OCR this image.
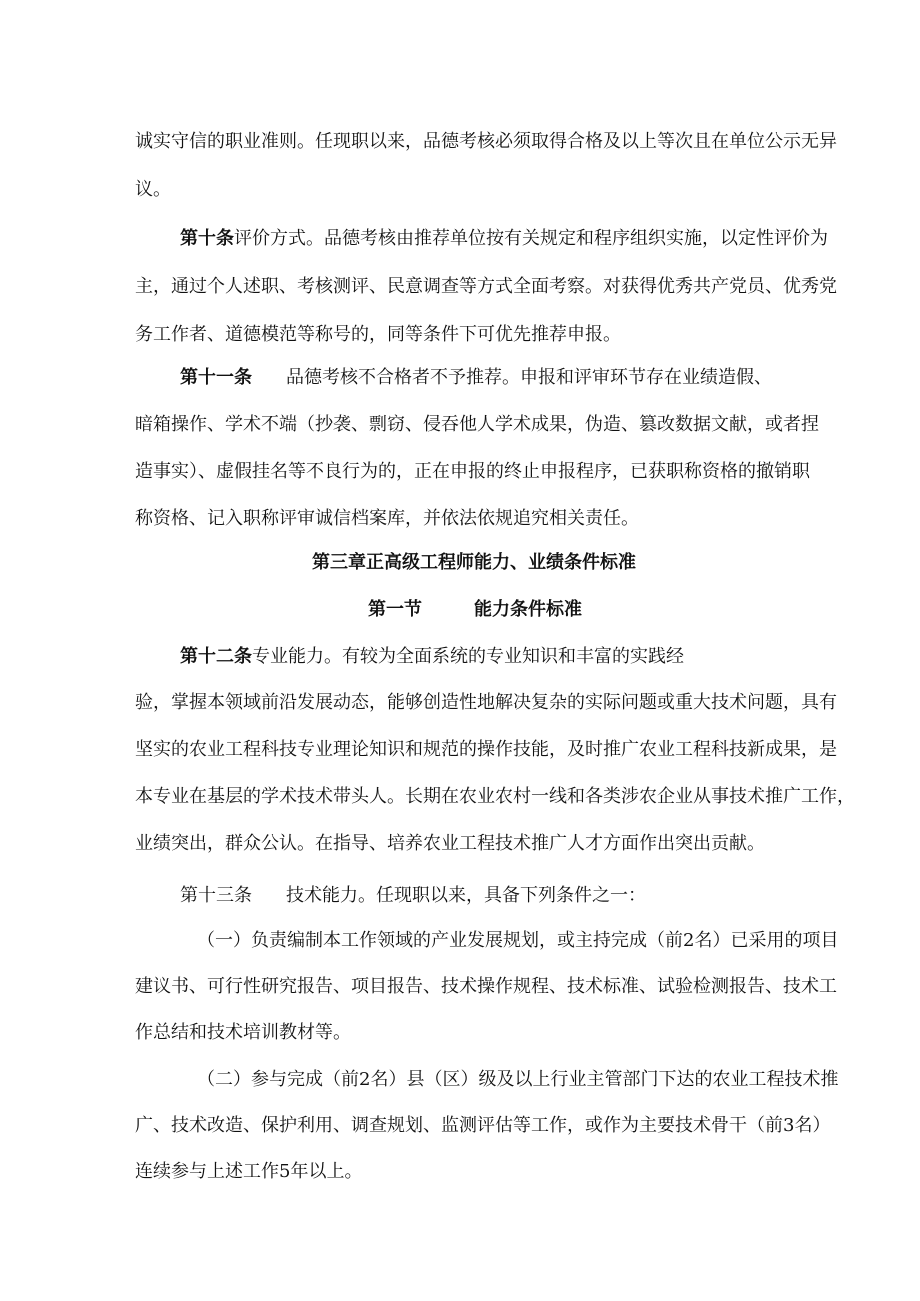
诚实守信的职业准则。任现职以来，品德考核必须取得合格及以上等次且在单位公示无异

议。

第十条评价方式。品德考核由推荐单位按有关规定和程序组织实施，以定性评价为

主，通过个人述职、考核测评、民意调查等方式全面考察。对获得优秀共产党员、优秀党

务工作者、道德模范等称号的，同等条件下可优先推荐申报。

第十一条 品德考核不合格者不予推荐。申报和评审环节存在业绩造假、

暗箱操作、学术不端（抄袭、剽窃、侵吞他人学术成果，伪造、篡改数据文献，或者捏

造事实）、虚假挂名等不良行为的，正在申报的终止申报程序，已获职称资格的撤销职

称资格、记入职称评审诚信档案库，并依法依规追究相关责任。

第三章正高级工程师能力、业绩条件标准

第一节	能力条件标准

第十二条专业能力。有较为全面系统的专业知识和丰富的实践经

验，掌握本领域前沿发展动态，能够创造性地解决复杂的实际问题或重大技术问题，具有

坚实的农业工程科技专业理论知识和规范的操作技能，及时推广农业工程科技新成果，是

本专业在基层的学术技术带头人。长期在农业农村一线和各类涉农企业从事技术推广工作，

业绩突出，群众公认。在指导、培养农业工程技术推广人才方面作出突出贡献。

第十三条 技术能力。任现职以来，具备下列条件之一：

（一）负责编制本工作领域的产业发展规划，或主持完成（前2名）已采用的项目

建议书、可行性研究报告、项目报告、技术操作规程、技术标准、试验检测报告、技术工

作总结和技术培训教材等。

（二）参与完成（前2名）县（区）级及以上行业主管部门下达的农业工程技术推

广、技术改造、保护利用、调查规划、监测评估等工作，或作为主要技术骨干（前3名）

连续参与上述工作5年以上。
